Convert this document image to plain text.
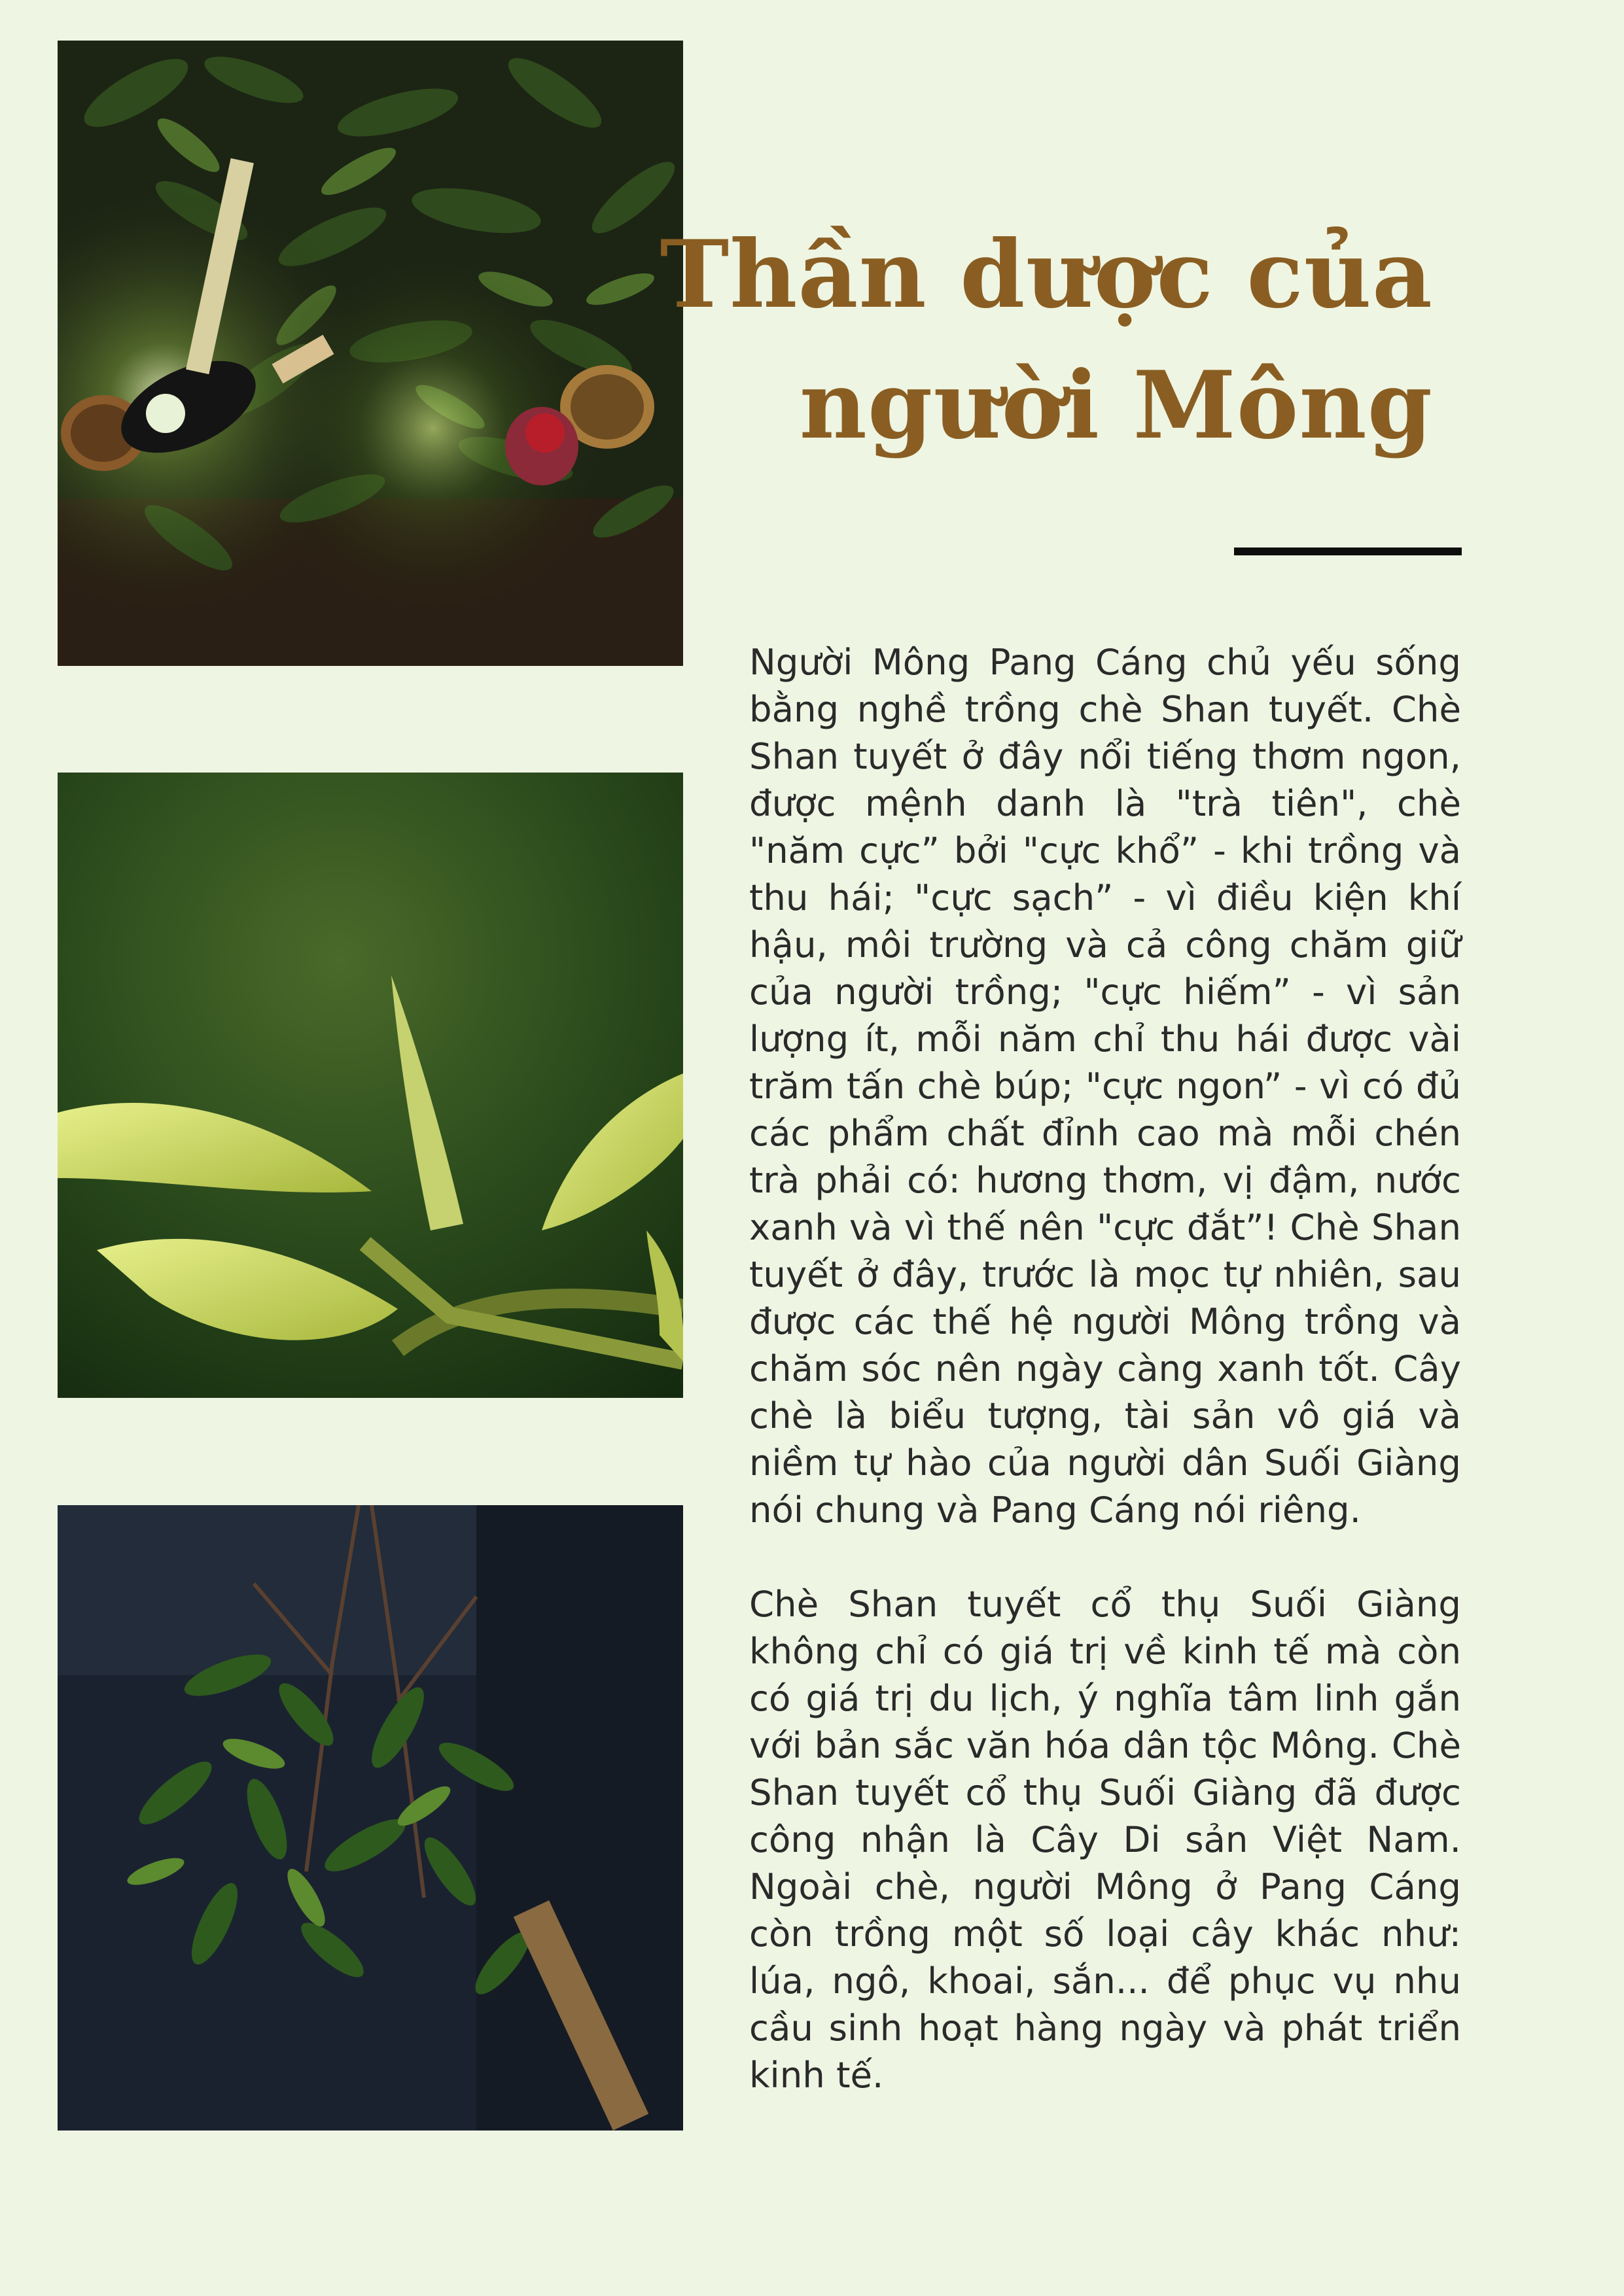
Thần dược của
người Mông

Người Mông Pang Cáng chủ yếu sống bằng nghề trồng chè Shan tuyết. Chè Shan tuyết ở đây nổi tiếng thơm ngon, được mệnh danh là "trà tiên", chè "năm cực” bởi "cực khổ” - khi trồng và thu hái; "cực sạch” - vì điều kiện khí hậu, môi trường và cả công chăm giữ của người trồng; "cực hiếm” - vì sản lượng ít, mỗi năm chỉ thu hái được vài trăm tấn chè búp; "cực ngon” - vì có đủ các phẩm chất đỉnh cao mà mỗi chén trà phải có: hương thơm, vị đậm, nước xanh và vì thế nên "cực đắt”! Chè Shan tuyết ở đây, trước là mọc tự nhiên, sau được các thế hệ người Mông trồng và chăm sóc nên ngày càng xanh tốt. Cây chè là biểu tượng, tài sản vô giá và niềm tự hào của người dân Suối Giàng nói chung và Pang Cáng nói riêng.

Chè Shan tuyết cổ thụ Suối Giàng không chỉ có giá trị về kinh tế mà còn có giá trị du lịch, ý nghĩa tâm linh gắn với bản sắc văn hóa dân tộc Mông. Chè Shan tuyết cổ thụ Suối Giàng đã được công nhận là Cây Di sản Việt Nam. Ngoài chè, người Mông ở Pang Cáng còn trồng một số loại cây khác như: lúa, ngô, khoai, sắn... để phục vụ nhu cầu sinh hoạt hàng ngày và phát triển kinh tế.
